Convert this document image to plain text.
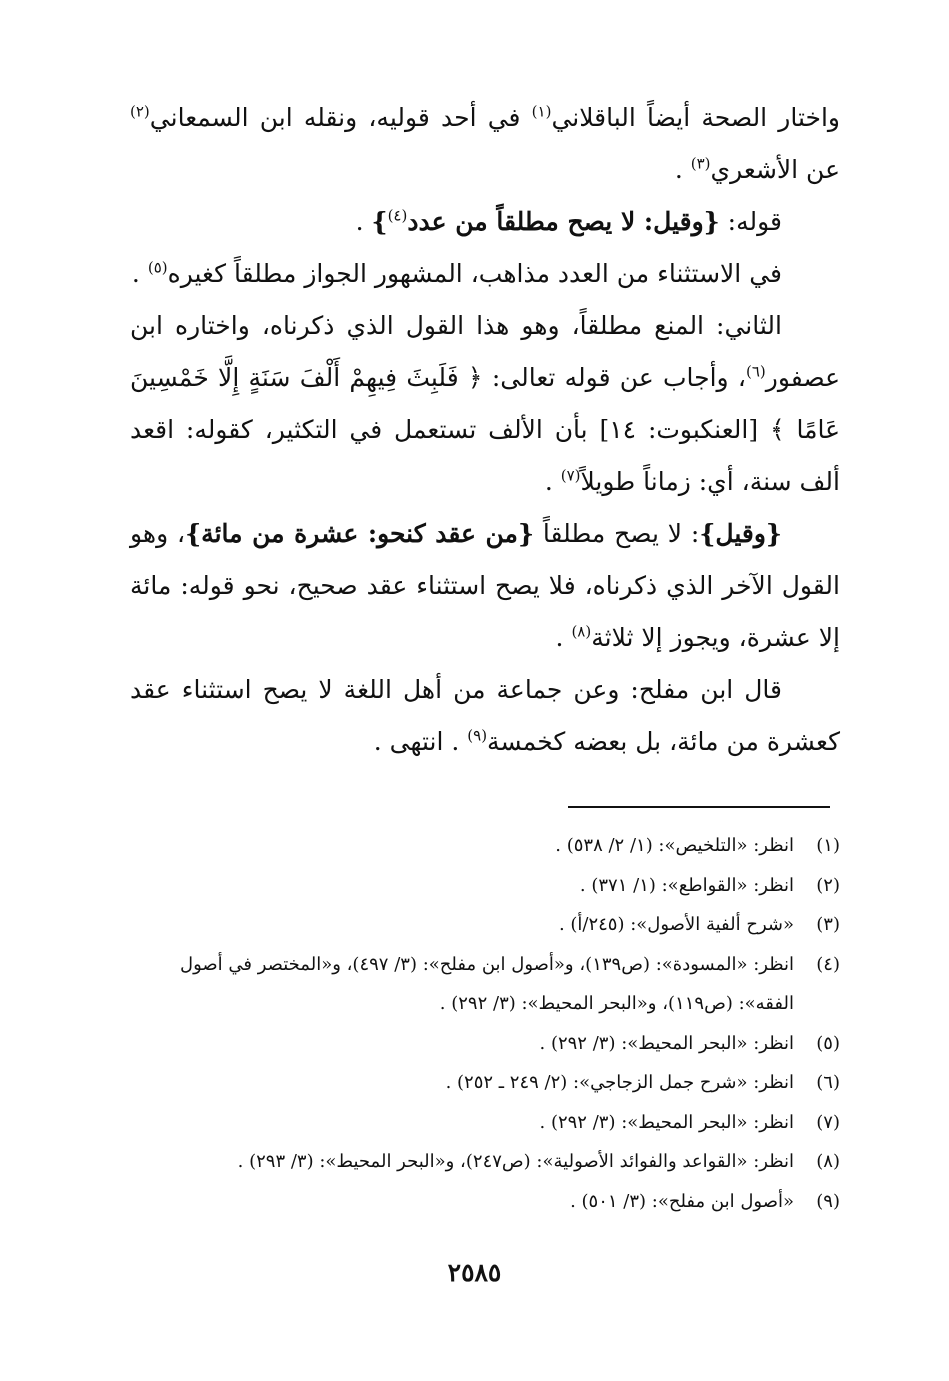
واختار الصحة أيضاً الباقلاني$^{(١)}$ في أحد قوليه، ونقله ابن السمعاني$^{(٢)}$ عن الأشعري$^{(٣)}$ .

قوله: {وقيل: لا يصح مطلقاً من عدد$^{(٤)}$} .

في الاستثناء من العدد مذاهب، المشهور الجواز مطلقاً كغيره$^{(٥)}$ .

الثاني: المنع مطلقاً، وهو هذا القول الذي ذكرناه، واختاره ابن عصفور$^{(٦)}$، وأجاب عن قوله تعالى: ﴿ فَلَبِثَ فِيهِمْ أَلْفَ سَنَةٍ إِلَّا خَمْسِينَ عَامًا ﴾ [العنكبوت: ١٤] بأن الألف تستعمل في التكثير، كقوله: اقعد ألف سنة، أي: زماناً طويلاً$^{(٧)}$ .

{وقيل}: لا يصح مطلقاً {من عقد كنحو: عشرة من مائة}، وهو القول الآخر الذي ذكرناه، فلا يصح استثناء عقد صحيح، نحو قوله: مائة إلا عشرة، ويجوز إلا ثلاثة$^{(٨)}$ .

قال ابن مفلح: وعن جماعة من أهل اللغة لا يصح استثناء عقد كعشرة من مائة، بل بعضه كخمسة$^{(٩)}$ . انتهى .

(١)
انظر: «التلخيص»: (١/ ٢/ ٥٣٨) .
(٢)
انظر: «القواطع»: (١/ ٣٧١) .
(٣)
«شرح ألفية الأصول»: (٢٤٥/أ) .
(٤)
انظر: «المسودة»: (ص١٣٩)، و«أصول ابن مفلح»: (٣/ ٤٩٧)، و«المختصر في أصول الفقه»: (ص١١٩)، و«البحر المحيط»: (٣/ ٢٩٢) .
(٥)
انظر: «البحر المحيط»: (٣/ ٢٩٢) .
(٦)
انظر: «شرح جمل الزجاجي»: (٢/ ٢٤٩ ـ ٢٥٢) .
(٧)
انظر: «البحر المحيط»: (٣/ ٢٩٢) .
(٨)
انظر: «القواعد والفوائد الأصولية»: (ص٢٤٧)، و«البحر المحيط»: (٣/ ٢٩٣) .
(٩)
«أصول ابن مفلح»: (٣/ ٥٠١) .
٢٥٨٥
